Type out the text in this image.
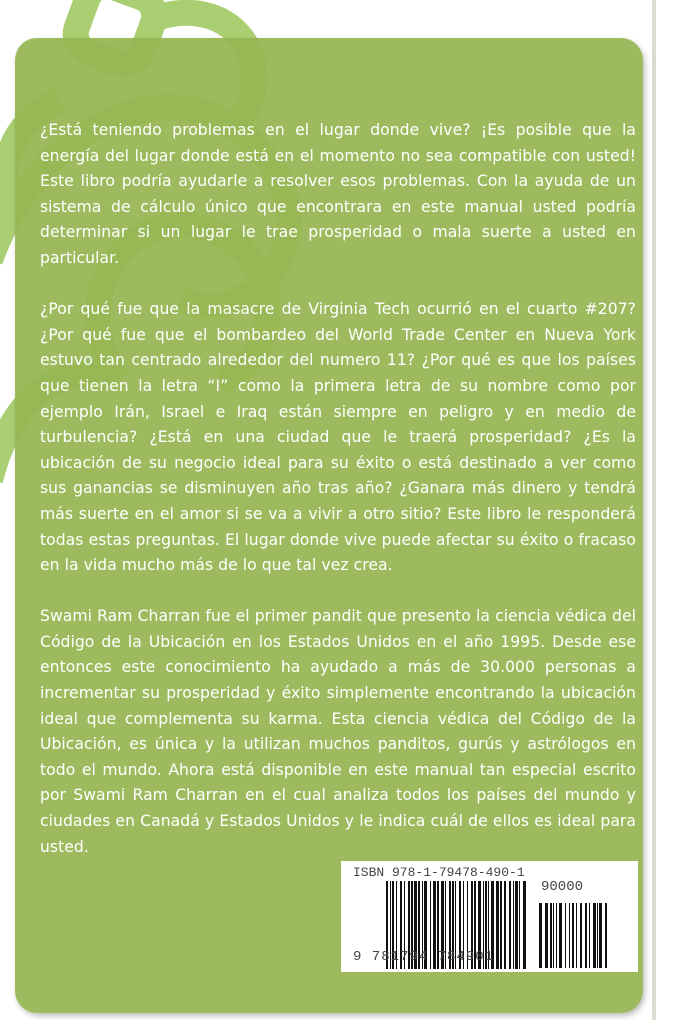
¿Está teniendo problemas en el lugar donde vive? ¡Es posible que la energía del lugar donde está en el momento no sea compatible con usted! Este libro podría ayudarle a resolver esos problemas. Con la ayuda de un sistema de cálculo único que encontrara en este manual usted podría determinar si un lugar le trae prosperidad o mala suerte a usted en particular.

¿Por qué fue que la masacre de Virginia Tech ocurrió en el cuarto #207? ¿Por qué fue que el bombardeo del World Trade Center en Nueva York estuvo tan centrado alrededor del numero 11? ¿Por qué es que los países que tienen la letra “I” como la primera letra de su nombre como por ejemplo Irán, Israel e Iraq están siempre en peligro y en medio de turbulencia? ¿Está en una ciudad que le traerá prosperidad? ¿Es la ubicación de su negocio ideal para su éxito o está destinado a ver como sus ganancias se disminuyen año tras año? ¿Ganara más dinero y tendrá más suerte en el amor si se va a vivir a otro sitio? Este libro le responderá todas estas preguntas. El lugar donde vive puede afectar su éxito o fracaso en la vida mucho más de lo que tal vez crea.

Swami Ram Charran fue el primer pandit que presento la ciencia védica del Código de la Ubicación en los Estados Unidos en el año 1995. Desde ese entonces este conocimiento ha ayudado a más de 30.000 personas a incrementar su prosperidad y éxito simplemente encontrando la ubicación ideal que complementa su karma. Esta ciencia védica del Código de la Ubicación, es única y la utilizan muchos panditos, gurús y astrólogos en todo el mundo. Ahora está disponible en este manual tan especial escrito por Swami Ram Charran en el cual analiza todos los países del mundo y ciudades en Canadá y Estados Unidos y le indica cuál de ellos es ideal para usted.

ISBN 978-1-79478-490-1
90000
9 781794 784901
